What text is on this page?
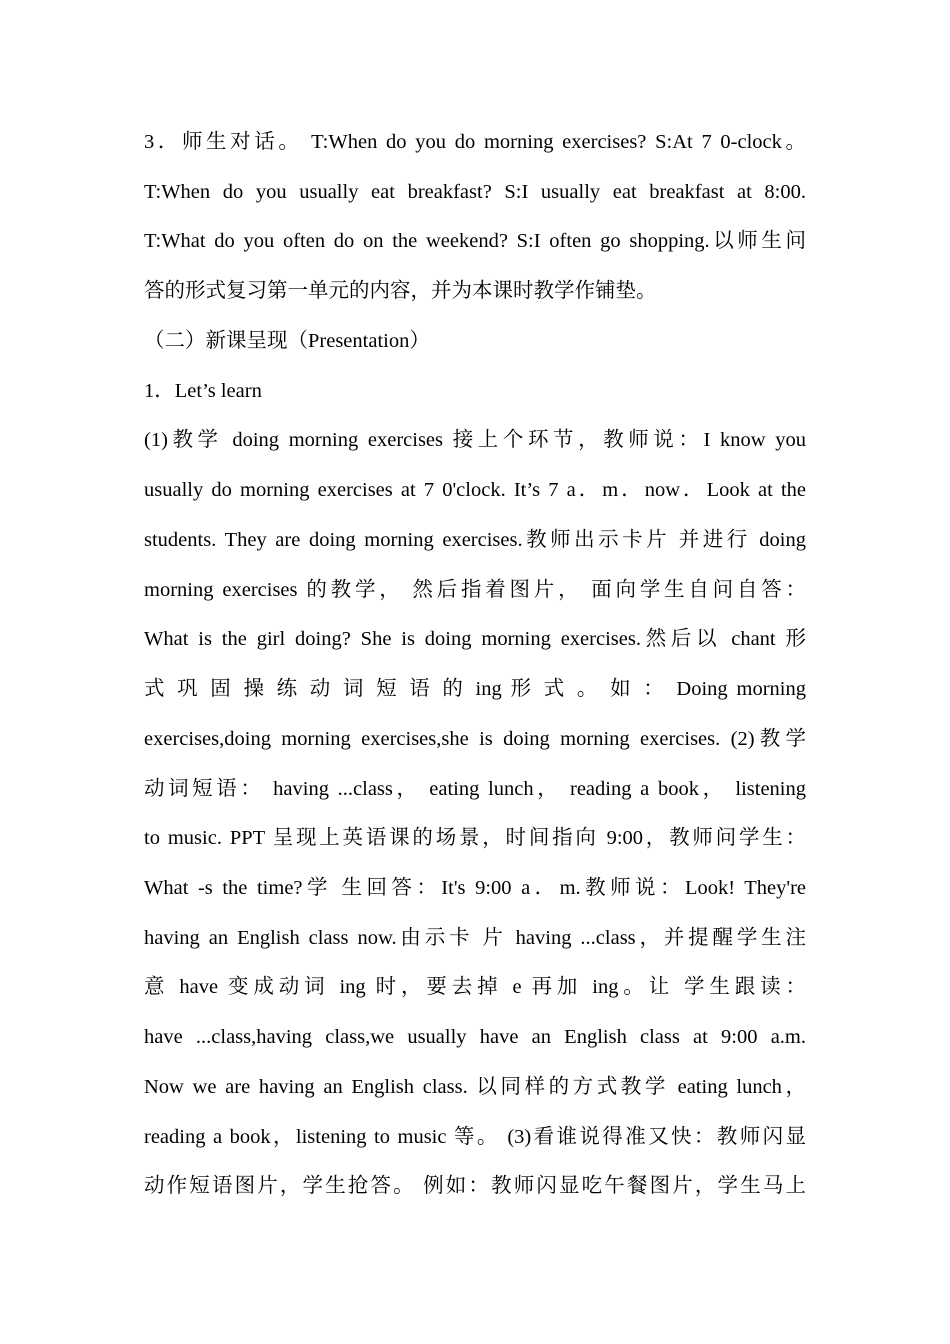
3．师生对话。 T:When do you do morning exercises? S:At 7 0-clock。
T:When do you usually eat breakfast? S:I usually eat breakfast at 8:00.
T:What do you often do on the weekend? S:I often go shopping.以师生问
答的形式复习第一单元的内容，并为本课时教学作铺垫。
（二）新课呈现（Presentation）
1．Let’s learn
(1)教学 doing morning exercises 接上个环节，教师说：I know you
usually do morning exercises at 7 0'clock. It’s 7 a．m．now．Look at the
students. They are doing morning exercises.教师出示卡片 并进行 doing
morning exercises 的教学， 然后指着图片， 面向学生自问自答：
What is the girl doing? She is doing morning exercises.然后以 chant 形
式 巩 固 操 练 动 词 短 语 的 ing 形 式 。 如 ： Doing morning
exercises,doing morning exercises,she is doing morning exercises. (2)教学
动词短语： having ...class， eating lunch， reading a book， listening
to music. PPT 呈现上英语课的场景，时间指向 9:00，教师问学生：
What -s the time?学 生回答：It's 9:00 a．m.教师说：Look! They're
having an English class now.由示卡 片 having ...class，并提醒学生注
意 have 变成动词 ing 时，要去掉 e 再加 ing。让 学生跟读：
have ...class,having class,we usually have an English class at 9:00 a.m.
Now we are having an English class. 以同样的方式教学 eating lunch，
reading a book，listening to music 等。 (3)看谁说得准又快：教师闪显
动作短语图片，学生抢答。 例如：教师闪显吃午餐图片，学生马上
